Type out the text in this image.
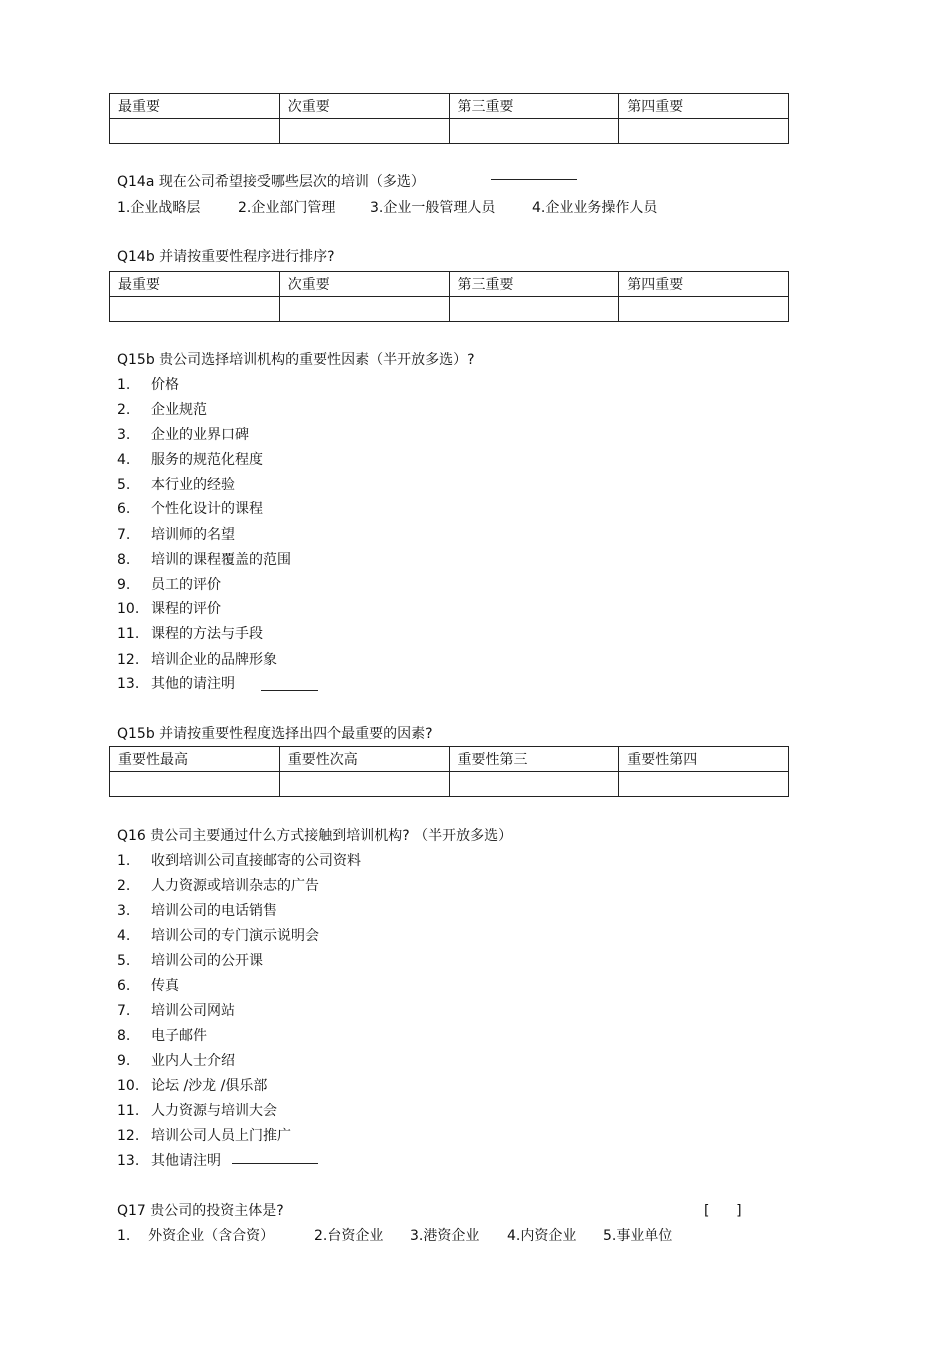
最重要	次重要	第三重要	第四重要

Q14a 现在公司希望接受哪些层次的培训（多选）
1.企业战略层	2.企业部门管理 3.企业一般管理人员	4.企业业务操作人员
Q14b 并请按重要性程序进行排序?
最重要	次重要	第三重要	第四重要

Q15b 贵公司选择培训机构的重要性因素（半开放多选）?
1. 价格
2. 企业规范
3. 企业的业界口碑
4. 服务的规范化程度
5. 本行业的经验
6. 个性化设计的课程
7. 培训师的名望
8. 培训的课程覆盖的范围
9. 员工的评价
10. 课程的评价
11. 课程的方法与手段
12. 培训企业的品牌形象
13. 其他的请注明
Q15b 并请按重要性程度选择出四个最重要的因素?
重要性最高	重要性次高	重要性第三	重要性第四

Q16 贵公司主要通过什么方式接触到培训机构? （半开放多选）
1. 收到培训公司直接邮寄的公司资料
2. 人力资源或培训杂志的广告
3. 培训公司的电话销售
4. 培训公司的专门演示说明会
5. 培训公司的公开课
6. 传真
7. 培训公司网站
8. 电子邮件
9. 业内人士介绍
10. 论坛 /沙龙 /俱乐部
11. 人力资源与培训大会
12. 培训公司人员上门推广
13. 其他请注明
Q17 贵公司的投资主体是?	[      ]
1.    外资企业（含合资）	2.台资企业 3.港资企业 4.内资企业 5.事业单位
